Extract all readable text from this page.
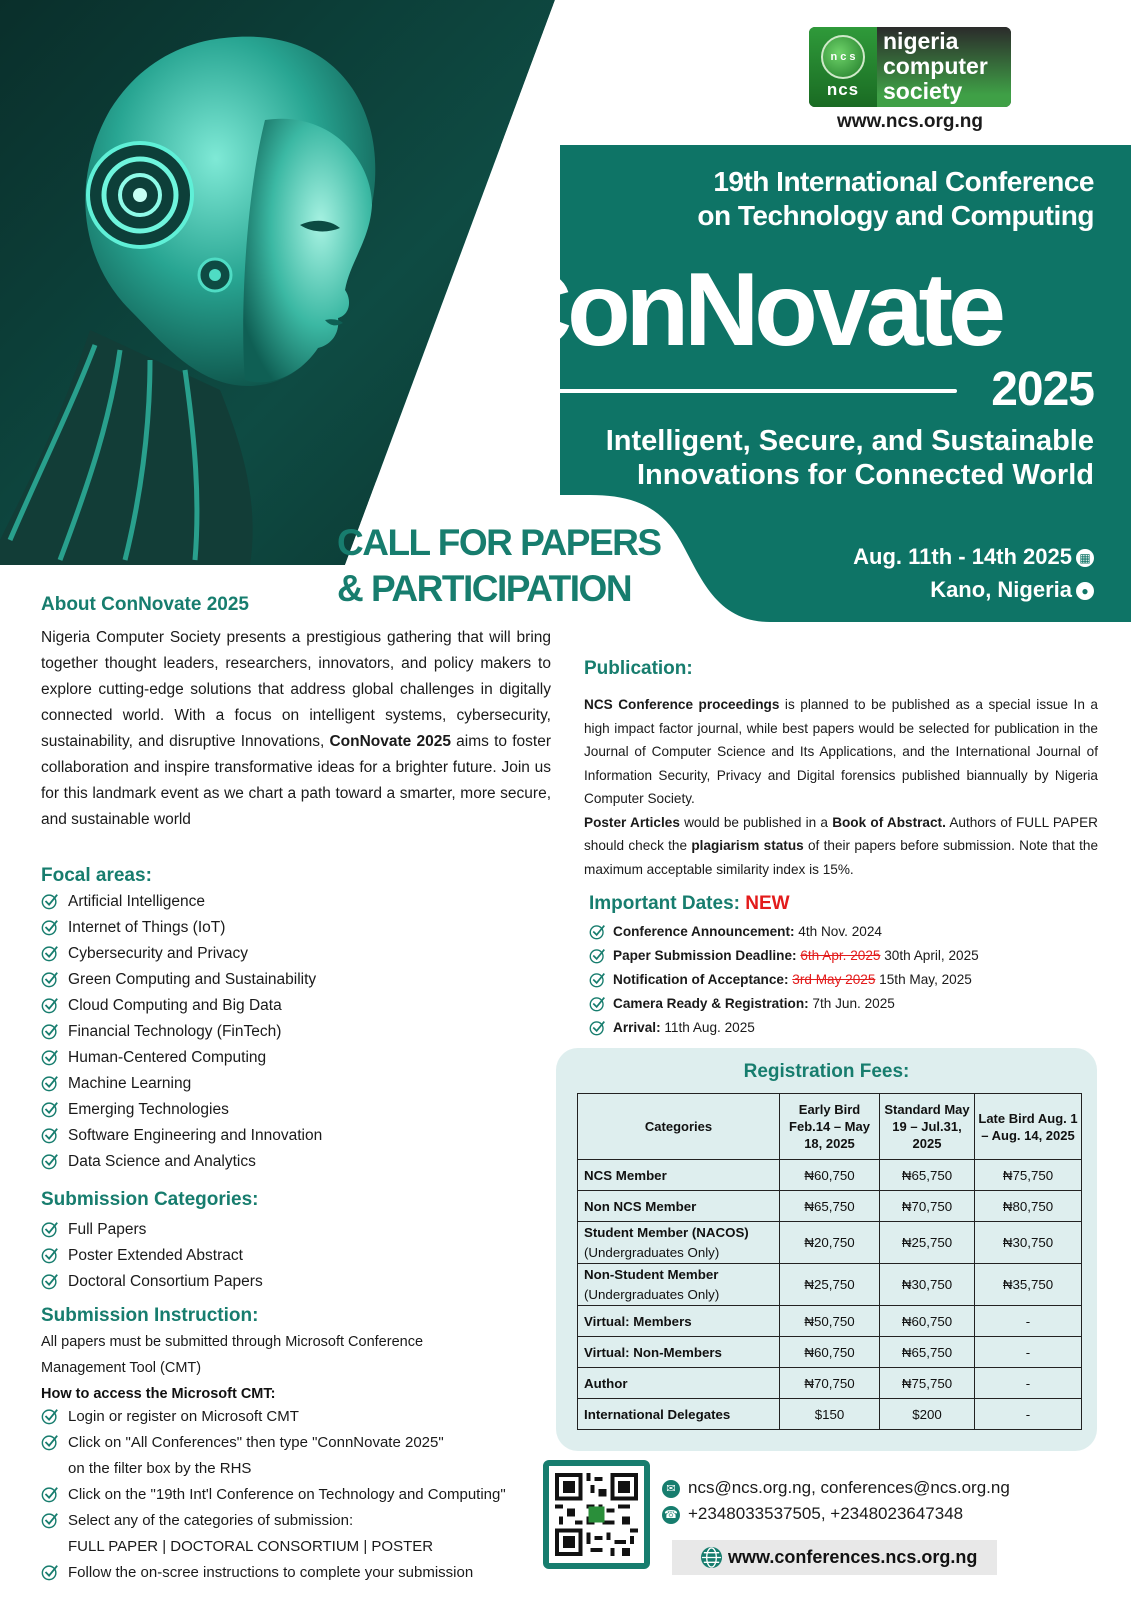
n c s
ncs
nigeria
computer
society
www.ncs.org.ng
19th International Conference
on Technology and Computing
ConNovate
2025
Intelligent, Secure, and Sustainable
Innovations for Connected World
CALL FOR PAPERS
& PARTICIPATION
Aug. 11th - 14th 2025 ▦
Kano, Nigeria ●
About ConNovate 2025
Nigeria Computer Society presents a prestigious gathering that will bring together thought leaders, researchers, innovators, and policy makers to explore cutting-edge solutions that address global challenges in digitally connected world. With a focus on intelligent systems, cybersecurity, sustainability, and disruptive Innovations, ConNovate 2025 aims to foster collaboration and inspire transformative ideas for a brighter future. Join us for this landmark event as we chart a path toward a smarter, more secure, and sustainable world
Focal areas:
Artificial Intelligence
Internet of Things (IoT)
Cybersecurity and Privacy
Green Computing and Sustainability
Cloud Computing and Big Data
Financial Technology (FinTech)
Human-Centered Computing
Machine Learning
Emerging Technologies
Software Engineering and Innovation
Data Science and Analytics
Submission Categories:
Full Papers
Poster Extended Abstract
Doctoral Consortium Papers
Submission Instruction:
All papers must be submitted through Microsoft Conference Management Tool (CMT)
How to access the Microsoft CMT:
Login or register on Microsoft CMT
Click on "All Conferences" then type "ConnNovate 2025"
on the filter box by the RHS
Click on the "19th Int'l Conference on Technology and Computing"
Select any of the categories of submission:
FULL PAPER | DOCTORAL CONSORTIUM | POSTER
Follow the on-scree instructions to complete your submission
Publication:
NCS Conference proceedings is planned to be published as a special issue In a high impact factor journal, while best papers would be selected for publication in the Journal of Computer Science and Its Applications, and the International Journal of Information Security, Privacy and Digital forensics published biannually by Nigeria Computer Society.
Poster Articles would be published in a Book of Abstract. Authors of FULL PAPER should check the plagiarism status of their papers before submission. Note that the maximum acceptable similarity index is 15%.
Important Dates: NEW
Conference Announcement: 4th Nov. 2024
Paper Submission Deadline: 6th Apr. 2025 30th April, 2025
Notification of Acceptance: 3rd May 2025 15th May, 2025
Camera Ready & Registration: 7th Jun. 2025
Arrival: 11th Aug. 2025
Registration Fees:
Categories	Early Bird Feb.14 – May 18, 2025	Standard May 19 – Jul.31, 2025	Late Bird Aug. 1 – Aug. 14, 2025
NCS Member	₦60,750	₦65,750	₦75,750
Non NCS Member	₦65,750	₦70,750	₦80,750

Student Member (NACOS)
(Undergraduates Only)	₦20,750	₦25,750	₦30,750

Non-Student Member
(Undergraduates Only)	₦25,750	₦30,750	₦35,750
Virtual: Members	₦50,750	₦60,750	-
Virtual: Non-Members	₦60,750	₦65,750	-
Author	₦70,750	₦75,750	-
International Delegates	$150	$200	-
✉ ncs@ncs.org.ng, conferences@ncs.org.ng
☎ +2348033537505, +2348023647348
www.conferences.ncs.org.ng
